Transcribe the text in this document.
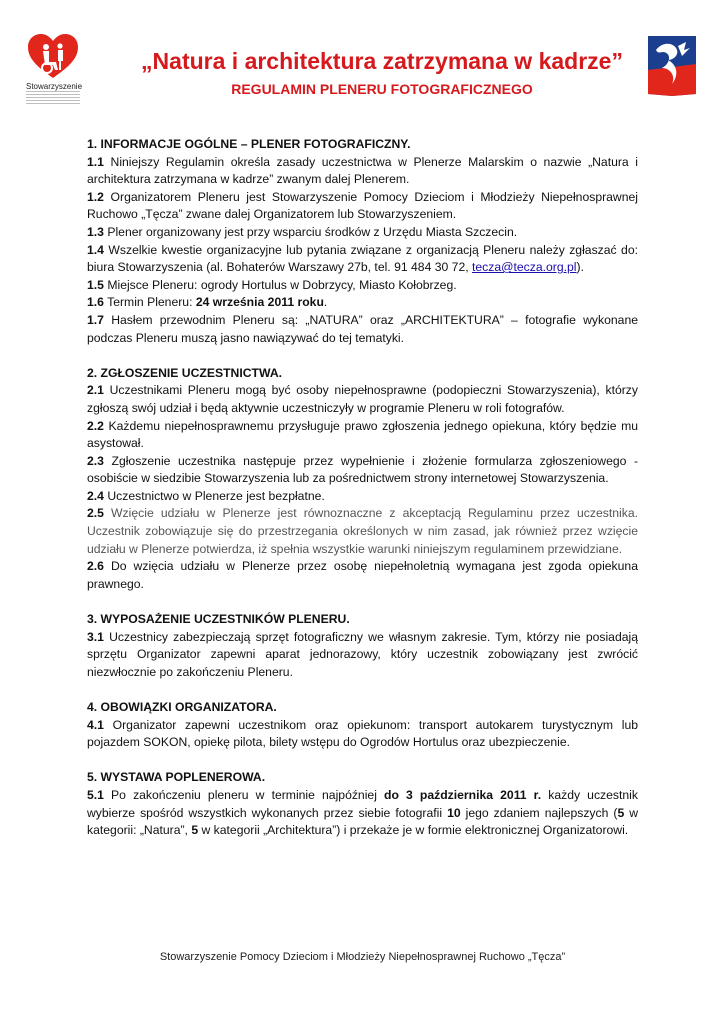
Stowarzyszenie
„Natura i architektura zatrzymana w kadrze”
REGULAMIN PLENERU FOTOGRAFICZNEGO

1. INFORMACJE OGÓLNE – PLENER FOTOGRAFICZNY.

1.1 Niniejszy Regulamin określa zasady uczestnictwa w Plenerze Malarskim o nazwie „Natura i architektura zatrzymana w kadrze” zwanym dalej Plenerem.

1.2 Organizatorem Pleneru jest Stowarzyszenie Pomocy Dzieciom i Młodzieży Niepełnosprawnej Ruchowo „Tęcza” zwane dalej Organizatorem lub Stowarzyszeniem.

1.3 Plener organizowany jest przy wsparciu środków z Urzędu Miasta Szczecin.

1.4 Wszelkie kwestie organizacyjne lub pytania związane z organizacją Pleneru należy zgłaszać do: biura Stowarzyszenia (al. Bohaterów Warszawy 27b, tel. 91 484 30 72, tecza@tecza.org.pl).

1.5 Miejsce Pleneru: ogrody Hortulus w Dobrzycy, Miasto Kołobrzeg.

1.6 Termin Pleneru: 24 września 2011 roku.

1.7 Hasłem przewodnim Pleneru są: „NATURA” oraz „ARCHITEKTURA” – fotografie wykonane podczas Pleneru muszą jasno nawiązywać do tej tematyki.

2. ZGŁOSZENIE UCZESTNICTWA.

2.1 Uczestnikami Pleneru mogą być osoby niepełnosprawne (podopieczni Stowarzyszenia), którzy zgłoszą swój udział i będą aktywnie uczestniczyły w programie Pleneru w roli fotografów.

2.2 Każdemu niepełnosprawnemu przysługuje prawo zgłoszenia jednego opiekuna, który będzie mu asystował.

2.3 Zgłoszenie uczestnika następuje przez wypełnienie i złożenie formularza zgłoszeniowego - osobiście w siedzibie Stowarzyszenia lub za pośrednictwem strony internetowej Stowarzyszenia.

2.4 Uczestnictwo w Plenerze jest bezpłatne.

2.5 Wzięcie udziału w Plenerze jest równoznaczne z akceptacją Regulaminu przez uczestnika. Uczestnik zobowiązuje się do przestrzegania określonych w nim zasad, jak również przez wzięcie udziału w Plenerze potwierdza, iż spełnia wszystkie warunki niniejszym regulaminem przewidziane.

2.6 Do wzięcia udziału w Plenerze przez osobę niepełnoletnią wymagana jest zgoda opiekuna prawnego.

3. WYPOSAŻENIE UCZESTNIKÓW PLENERU.

3.1 Uczestnicy zabezpieczają sprzęt fotograficzny we własnym zakresie. Tym, którzy nie posiadają sprzętu Organizator zapewni aparat jednorazowy, który uczestnik zobowiązany jest zwrócić niezwłocznie po zakończeniu Pleneru.

4. OBOWIĄZKI ORGANIZATORA.

4.1 Organizator zapewni uczestnikom oraz opiekunom: transport autokarem turystycznym lub pojazdem SOKON, opiekę pilota, bilety wstępu do Ogrodów Hortulus oraz ubezpieczenie.

5. WYSTAWA POPLENEROWA.

5.1 Po zakończeniu pleneru w terminie najpóźniej do 3 października 2011 r. każdy uczestnik wybierze spośród wszystkich wykonanych przez siebie fotografii 10 jego zdaniem najlepszych (5 w kategorii: „Natura”, 5 w kategorii „Architektura”) i przekaże je w formie elektronicznej Organizatorowi.

Stowarzyszenie Pomocy Dzieciom i Młodzieży Niepełnosprawnej Ruchowo „Tęcza”
